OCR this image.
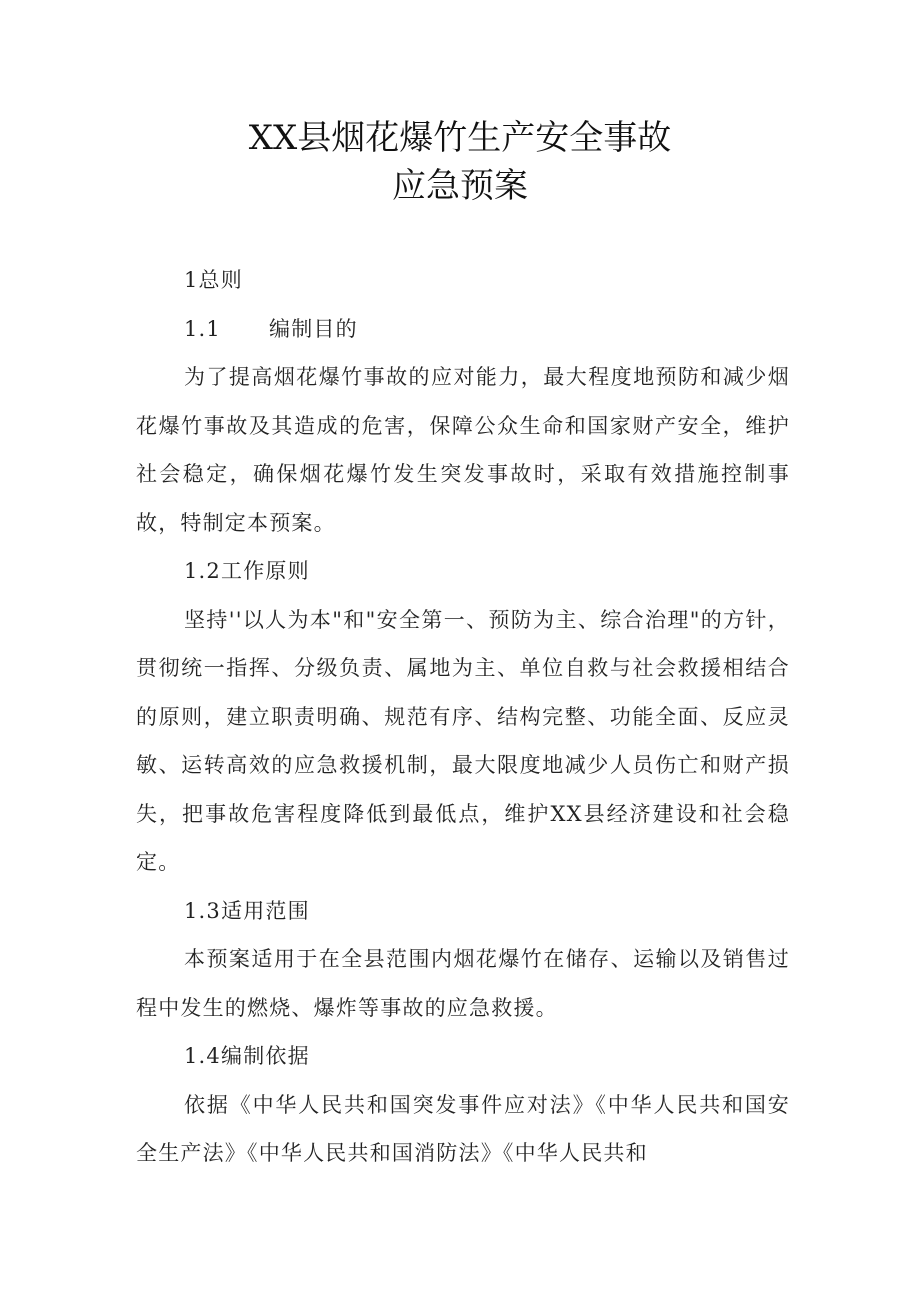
XX县烟花爆竹生产安全事故
应急预案

1总则

1.1 编制目的

为了提高烟花爆竹事故的应对能力，最大程度地预防和减少烟花爆竹事故及其造成的危害，保障公众生命和国家财产安全，维护社会稳定，确保烟花爆竹发生突发事故时，采取有效措施控制事故，特制定本预案。

1.2工作原则

坚持''以人为本"和"安全第一、预防为主、综合治理"的方针，贯彻统一指挥、分级负责、属地为主、单位自救与社会救援相结合的原则，建立职责明确、规范有序、结构完整、功能全面、反应灵敏、运转高效的应急救援机制，最大限度地减少人员伤亡和财产损失，把事故危害程度降低到最低点，维护XX县经济建设和社会稳定。

1.3适用范围

本预案适用于在全县范围内烟花爆竹在储存、运输以及销售过程中发生的燃烧、爆炸等事故的应急救援。

1.4编制依据

依据《中华人民共和国突发事件应对法》《中华人民共和国安全生产法》《中华人民共和国消防法》《中华人民共和
